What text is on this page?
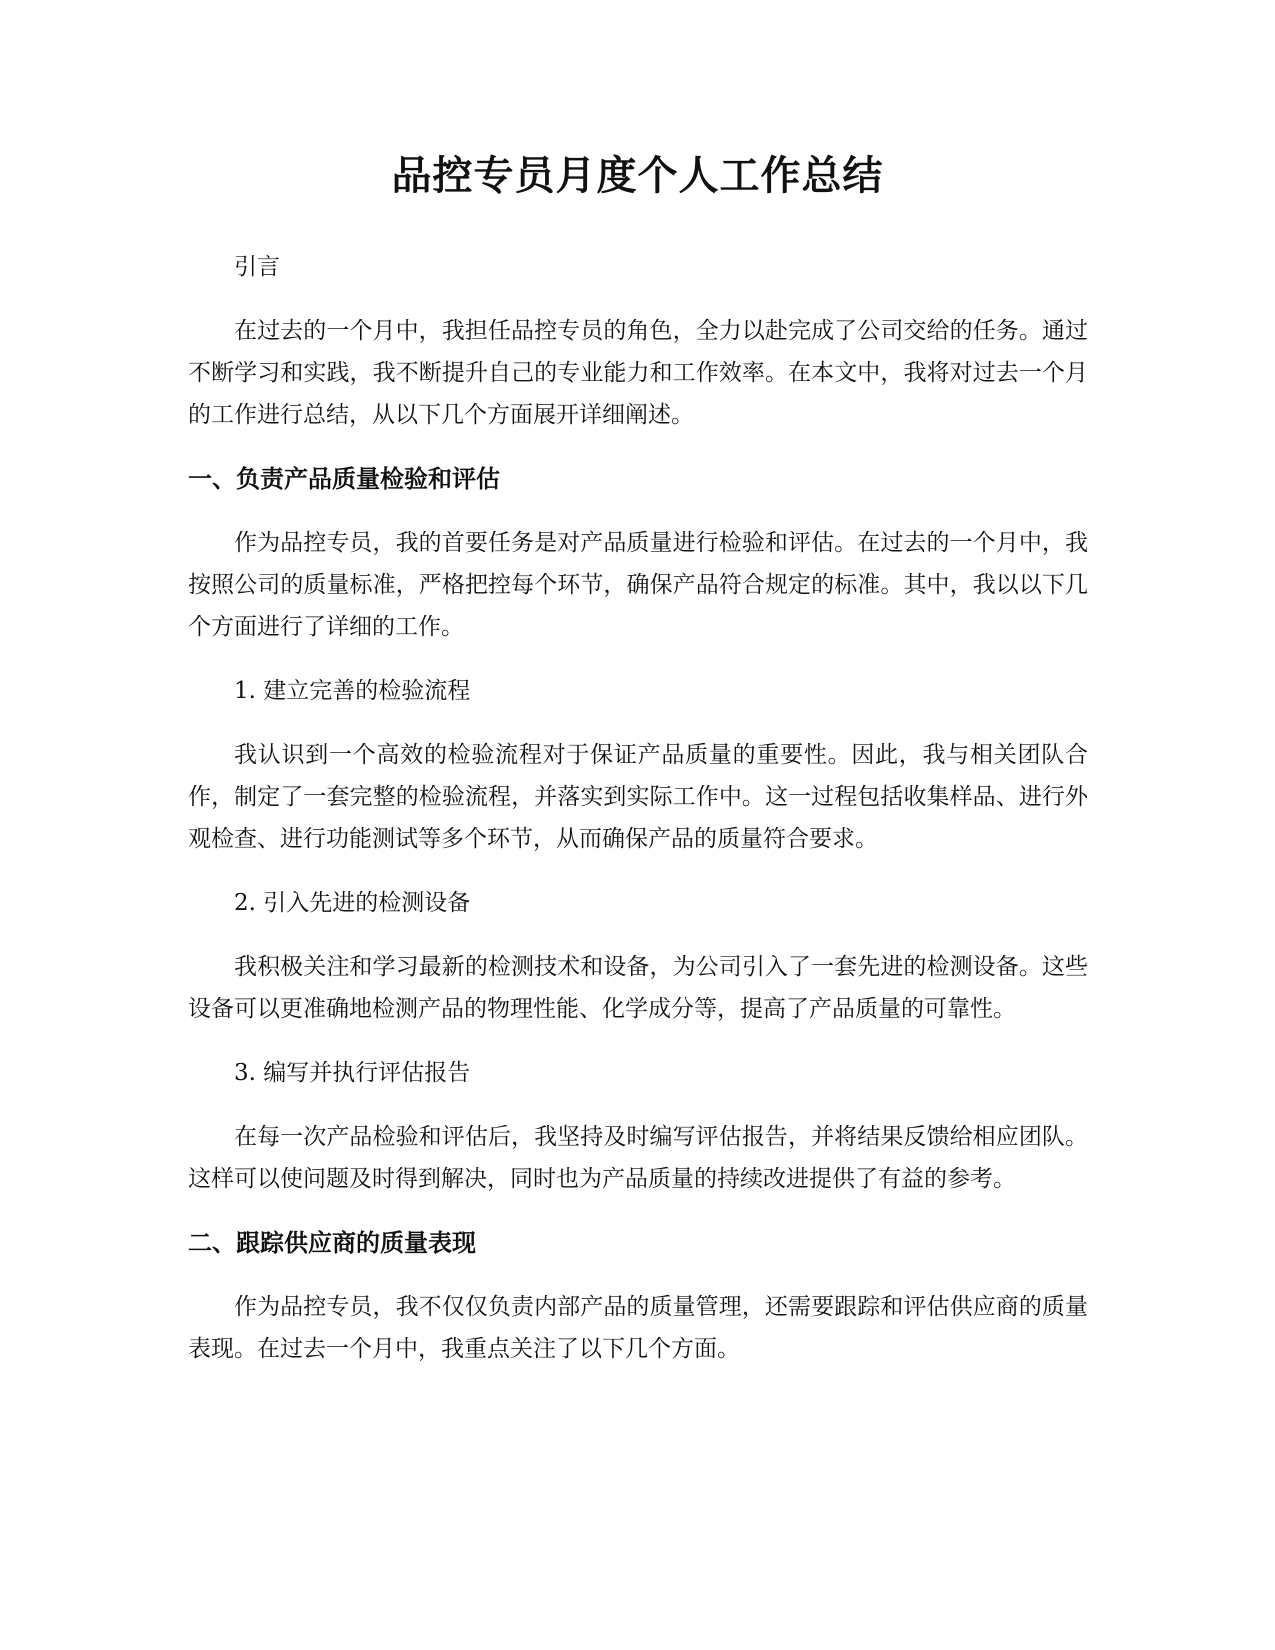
品控专员月度个人工作总结

引言

在过去的一个月中，我担任品控专员的角色，全力以赴完成了公司交给的任务。通过不断学习和实践，我不断提升自己的专业能力和工作效率。在本文中，我将对过去一个月的工作进行总结，从以下几个方面展开详细阐述。

一、负责产品质量检验和评估

作为品控专员，我的首要任务是对产品质量进行检验和评估。在过去的一个月中，我按照公司的质量标准，严格把控每个环节，确保产品符合规定的标准。其中，我以以下几个方面进行了详细的工作。

1. 建立完善的检验流程

我认识到一个高效的检验流程对于保证产品质量的重要性。因此，我与相关团队合作，制定了一套完整的检验流程，并落实到实际工作中。这一过程包括收集样品、进行外观检查、进行功能测试等多个环节，从而确保产品的质量符合要求。

2. 引入先进的检测设备

我积极关注和学习最新的检测技术和设备，为公司引入了一套先进的检测设备。这些设备可以更准确地检测产品的物理性能、化学成分等，提高了产品质量的可靠性。

3. 编写并执行评估报告

在每一次产品检验和评估后，我坚持及时编写评估报告，并将结果反馈给相应团队。这样可以使问题及时得到解决，同时也为产品质量的持续改进提供了有益的参考。

二、跟踪供应商的质量表现

作为品控专员，我不仅仅负责内部产品的质量管理，还需要跟踪和评估供应商的质量表现。在过去一个月中，我重点关注了以下几个方面。
